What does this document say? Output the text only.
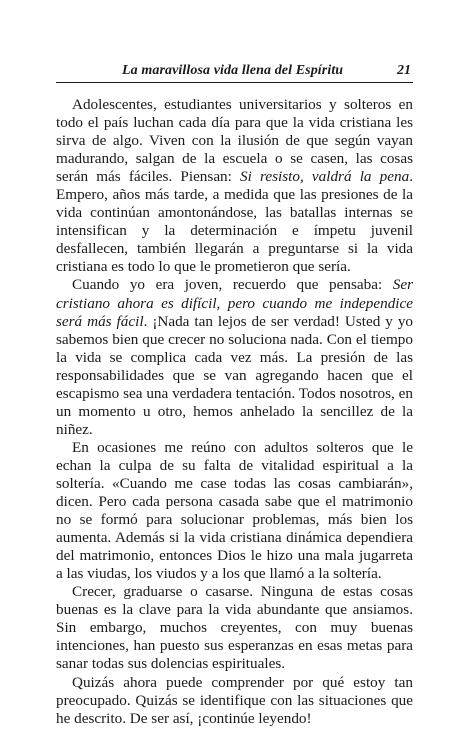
La maravillosa vida llena del Espíritu	21

Adolescentes, estudiantes universitarios y solteros en todo el país luchan cada día para que la vida cristiana les sirva de algo. Viven con la ilusión de que según vayan madurando, salgan de la escuela o se casen, las cosas serán más fáciles. Piensan: Si resisto, valdrá la pena. Empero, años más tarde, a medida que las presiones de la vida continúan amontonándose, las batallas internas se intensifican y la determinación e ímpetu juvenil desfallecen, también llegarán a preguntarse si la vida cristiana es todo lo que le prometieron que sería.

Cuando yo era joven, recuerdo que pensaba: Ser cristiano ahora es difícil, pero cuando me independice será más fácil. ¡Nada tan lejos de ser verdad! Usted y yo sabemos bien que crecer no soluciona nada. Con el tiempo la vida se complica cada vez más. La presión de las responsabilidades que se van agregando hacen que el escapismo sea una verdadera tentación. Todos nosotros, en un momento u otro, hemos anhelado la sencillez de la niñez.

En ocasiones me reúno con adultos solteros que le echan la culpa de su falta de vitalidad espiritual a la soltería. «Cuando me case todas las cosas cambiarán», dicen. Pero cada persona casada sabe que el matrimonio no se formó para solucionar problemas, más bien los aumenta. Además si la vida cristiana dinámica dependiera del matrimonio, entonces Dios le hizo una mala jugarreta a las viudas, los viudos y a los que llamó a la soltería.

Crecer, graduarse o casarse. Ninguna de estas cosas buenas es la clave para la vida abundante que ansiamos. Sin embargo, muchos creyentes, con muy buenas intenciones, han puesto sus esperanzas en esas metas para sanar todas sus dolencias espirituales.

Quizás ahora puede comprender por qué estoy tan preocupado. Quizás se identifique con las situaciones que he descrito. De ser así, ¡continúe leyendo!
